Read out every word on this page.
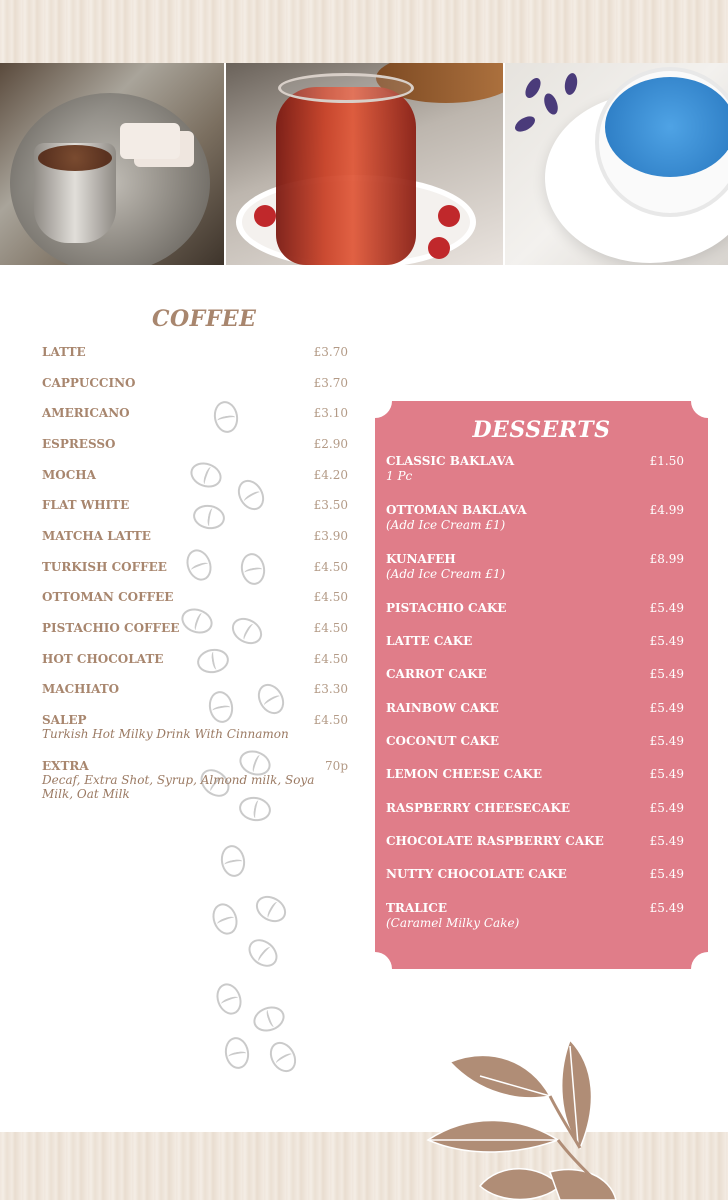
COFFEE
LATTE	£3.70
CAPPUCCINO	£3.70
AMERICANO	£3.10
ESPRESSO	£2.90
MOCHA	£4.20
FLAT WHITE	£3.50
MATCHA LATTE	£3.90
TURKISH COFFEE	£4.50
OTTOMAN COFFEE	£4.50
PISTACHIO COFFEE	£4.50
HOT CHOCOLATE	£4.50
MACHIATO	£3.30
SALEP	£4.50
Turkish Hot Milky Drink With Cinnamon
EXTRA	70p
Decaf, Extra Shot, Syrup, Almond milk, Soya Milk, Oat Milk
DESSERTS
CLASSIC BAKLAVA	£1.50
1 Pc
OTTOMAN BAKLAVA	£4.99
(Add Ice Cream £1)
KUNAFEH	£8.99
(Add Ice Cream £1)
PISTACHIO CAKE	£5.49
LATTE CAKE	£5.49
CARROT CAKE	£5.49
RAINBOW CAKE	£5.49
COCONUT CAKE	£5.49
LEMON CHEESE CAKE	£5.49
RASPBERRY CHEESECAKE	£5.49
CHOCOLATE RASPBERRY CAKE	£5.49
NUTTY CHOCOLATE CAKE	£5.49
TRALICE	£5.49
(Caramel Milky Cake)
